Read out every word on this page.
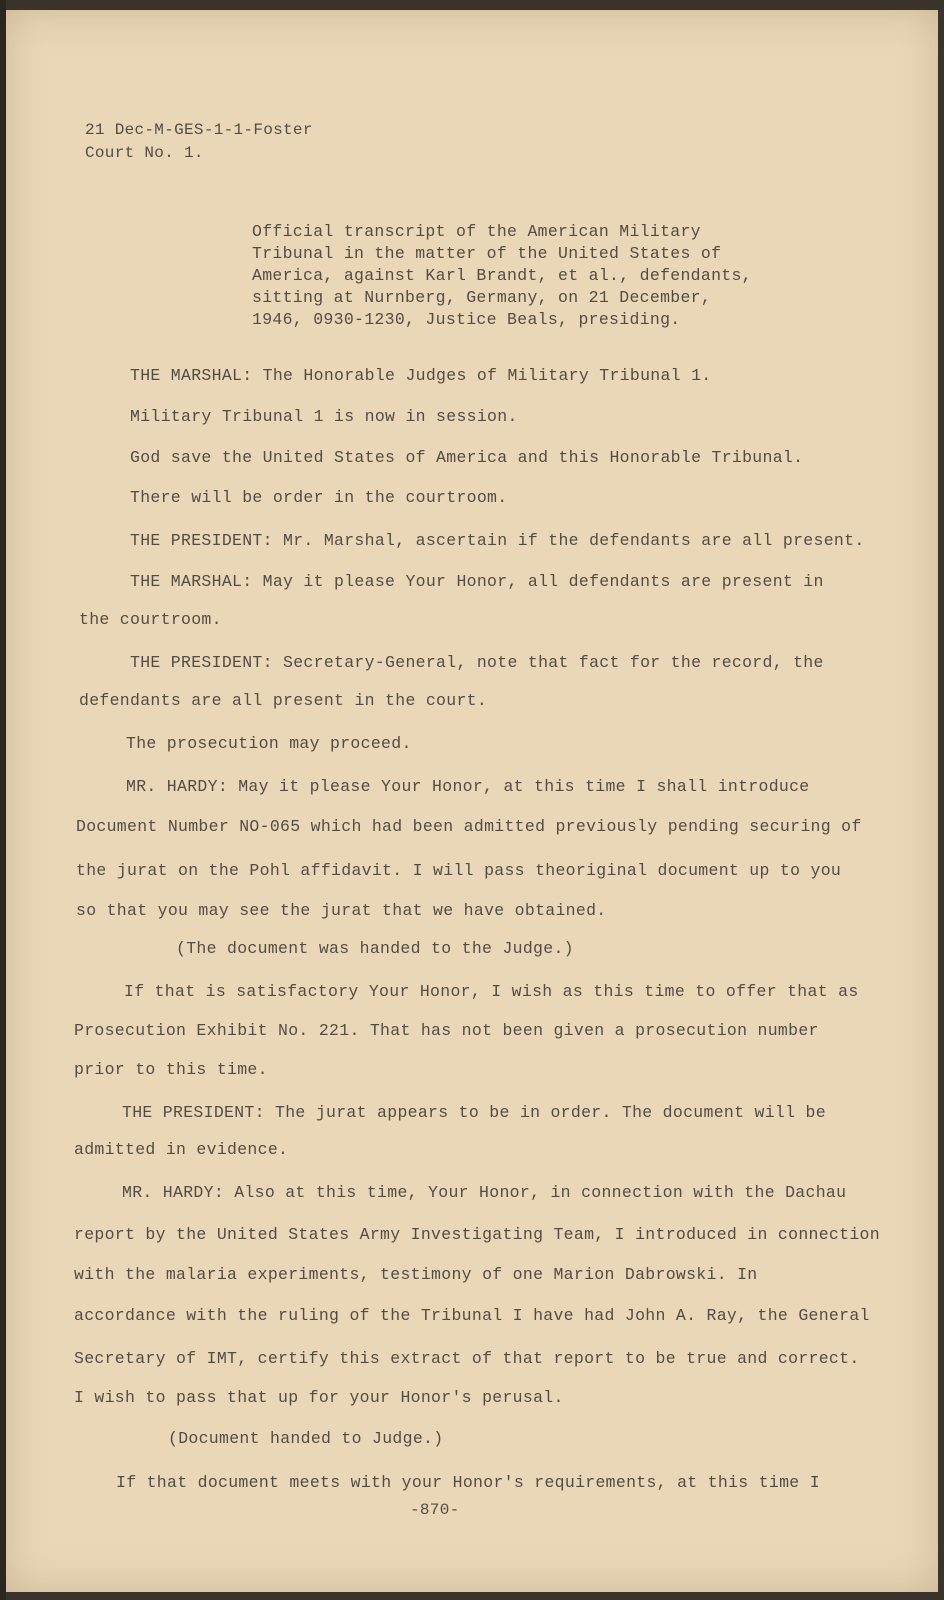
21 Dec-M-GES-1-1-Foster
Court No. 1.
Official transcript of the American Military
Tribunal in the matter of the United States of
America, against Karl Brandt, et al., defendants,
sitting at Nurnberg, Germany, on 21 December,
1946, 0930-1230, Justice Beals, presiding.
THE MARSHAL: The Honorable Judges of Military Tribunal 1.
Military Tribunal 1 is now in session.
God save the United States of America and this Honorable Tribunal.
There will be order in the courtroom.
THE PRESIDENT: Mr. Marshal, ascertain if the defendants are all present.
THE MARSHAL: May it please Your Honor, all defendants are present in
the courtroom.
THE PRESIDENT: Secretary-General, note that fact for the record, the
defendants are all present in the court.
The prosecution may proceed.
MR. HARDY: May it please Your Honor, at this time I shall introduce
Document Number NO-065 which had been admitted previously pending securing of
the jurat on the Pohl affidavit. I will pass theoriginal document up to you
so that you may see the jurat that we have obtained.
(The document was handed to the Judge.)
If that is satisfactory Your Honor, I wish as this time to offer that as
Prosecution Exhibit No. 221. That has not been given a prosecution number
prior to this time.
THE PRESIDENT: The jurat appears to be in order. The document will be
admitted in evidence.
MR. HARDY: Also at this time, Your Honor, in connection with the Dachau
report by the United States Army Investigating Team, I introduced in connection
with the malaria experiments, testimony of one Marion Dabrowski. In
accordance with the ruling of the Tribunal I have had John A. Ray, the General
Secretary of IMT, certify this extract of that report to be true and correct.
I wish to pass that up for your Honor's perusal.
(Document handed to Judge.)
If that document meets with your Honor's requirements, at this time I
-870-
